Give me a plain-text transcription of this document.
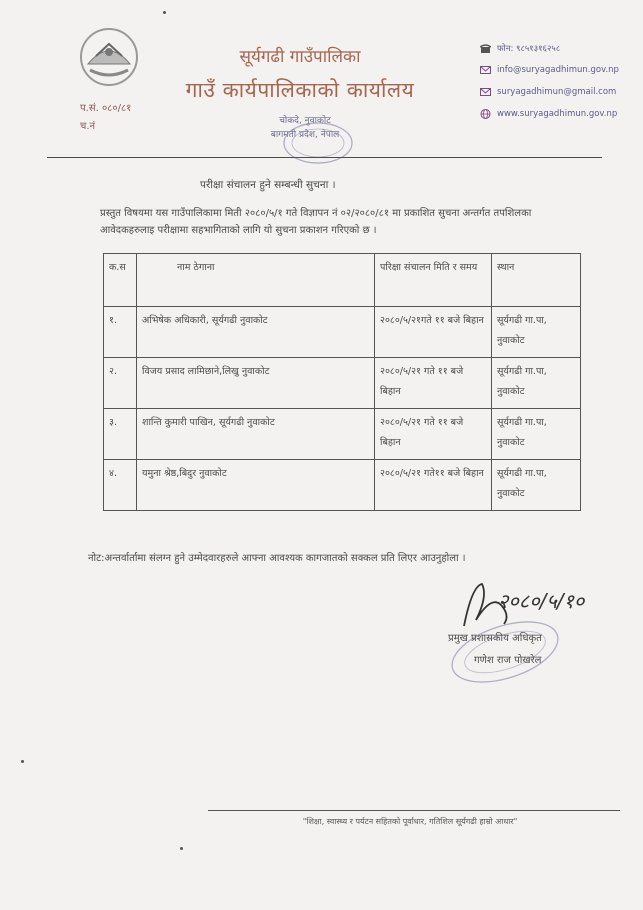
सूर्यगढी गाउँपालिका
गाउँ कार्यपालिकाको कार्यालय
चोकदे, नुवाकोट
बागमती प्रदेश, नेपाल
प.सं. ०८०/८१
च.नं
फोन: ९८५१३१६२५८
info@suryagadhimun.gov.np
suryagadhimun@gmail.com
www.suryagadhimun.gov.np
परीक्षा संचालन हुने सम्बन्धी सुचना ।
प्रस्तुत विषयमा यस गाउँपालिकामा मिती २०८०/५/१ गते विज्ञापन नं ०२/२०८०/८१ मा प्रकाशित सुचना अन्तर्गत तपशिलका आवेदकहरुलाइ परीक्षामा सहभागिताको लागि यो सुचना प्रकाशन गरिएको छ ।
क.स	नाम ठेगाना	परिक्षा संचालन मिति र समय	स्थान
१.	अभिषेक अधिकारी, सूर्यगढी नुवाकोट	२०८०/५/२१गते ११ बजे बिहान	सूर्यगढी गा.पा, नुवाकोट
२.	विजय प्रसाद लामिछाने,लिखु नुवाकोट	२०८०/५/२१ गते ११ बजे बिहान	सूर्यगढी गा.पा, नुवाकोट
३.	शान्ति कुमारी पाखिन, सूर्यगढी नुवाकोट	२०८०/५/२१ गते ११ बजे बिहान	सूर्यगढी गा.पा, नुवाकोट
४.	यमुना श्रेष्ठ,बिदुर नुवाकोट	२०८०/५/२१ गते११ बजे बिहान	सूर्यगढी गा.पा, नुवाकोट
नोट:अन्तर्वार्तामा संलग्न हुने उम्मेदवारहरुले आफ्ना आवश्यक कागजातको सक्कल प्रति लिएर आउनुहोला ।
२०८०/५/१०
प्रमुख प्रशासकीय अधिकृत
गणेश राज पोखरेल
"शिक्षा, स्वास्थ्य र पर्यटन सहितको पूर्वाधार, गतिशिल सूर्यगढी हाम्रो आधार"
